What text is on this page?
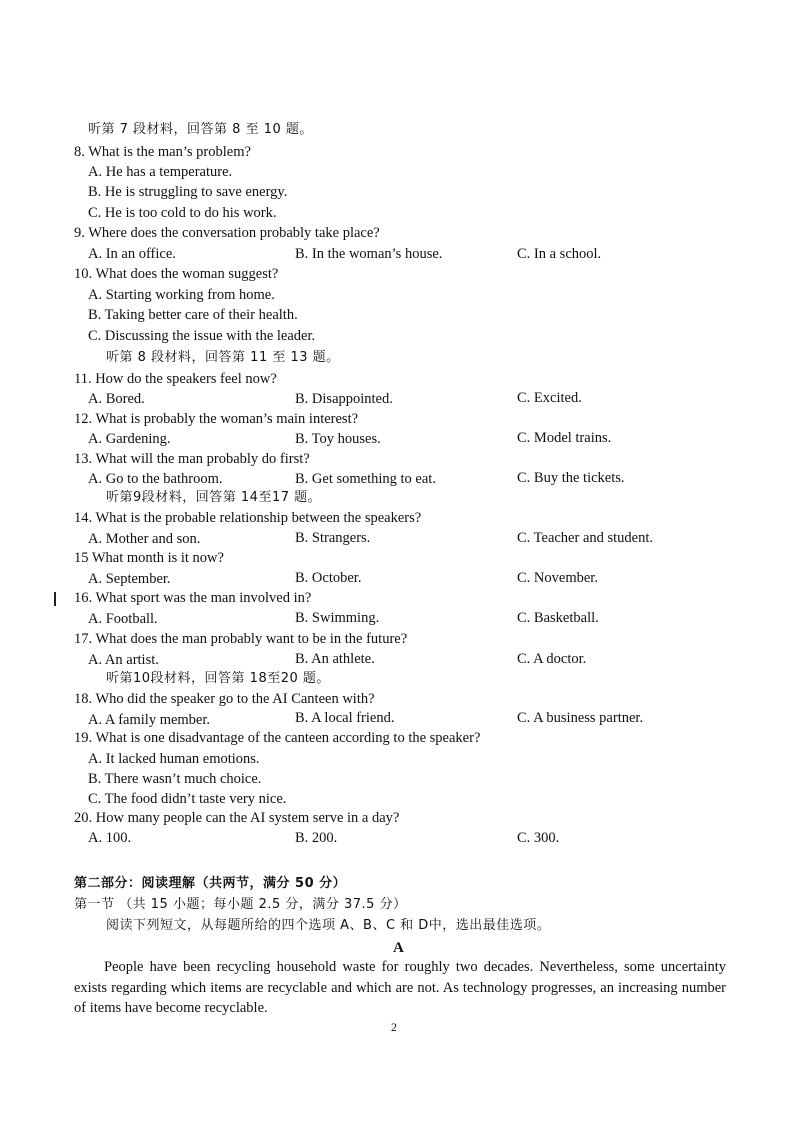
听第 7 段材料，回答第 8 至 10 题。
8. What is the man’s problem?
A. He has a temperature.
B. He is struggling to save energy.
C. He is too cold to do his work.
9. Where does the conversation probably take place?
A. In an office.	B. In the woman’s house.	C. In a school.
10. What does the woman suggest?
A. Starting working from home.
B. Taking better care of their health.
C. Discussing the issue with the leader.
听第 8 段材料，回答第 11 至 13 题。
11. How do the speakers feel now?
A. Bored.	B. Disappointed.	C. Excited.
12. What is probably the woman’s main interest?
A. Gardening.	B. Toy houses.	C. Model trains.
13. What will the man probably do first?
A. Go to the bathroom.	B. Get something to eat.	C. Buy the tickets.
听第9段材料，回答第 14至17 题。
14. What is the probable relationship between the speakers?
A. Mother and son.	B. Strangers.	C. Teacher and student.
15 What month is it now?
A. September.	B. October.	C. November.
16. What sport was the man involved in?
A. Football.	B. Swimming.	C. Basketball.
17. What does the man probably want to be in the future?
A. An artist.	B. An athlete.	C. A doctor.
听第10段材料，回答第 18至20 题。
18. Who did the speaker go to the AI Canteen with?
A. A family member.	B. A local friend.	C. A business partner.
19. What is one disadvantage of the canteen according to the speaker?
A. It lacked human emotions.
B. There wasn’t much choice.
C. The food didn’t taste very nice.
20. How many people can the AI system serve in a day?
A. 100.	B. 200.	C. 300.
第二部分：阅读理解（共两节，满分 50 分）
第一节 （共 15 小题；每小题 2.5 分，满分 37.5 分）
阅读下列短文，从每题所给的四个选项 A、B、C 和 D中，选出最佳选项。
A
People have been recycling household waste for roughly two decades. Nevertheless, some uncertainty exists regarding which items are recyclable and which are not. As technology progresses, an increasing number of items have become recyclable.
2
